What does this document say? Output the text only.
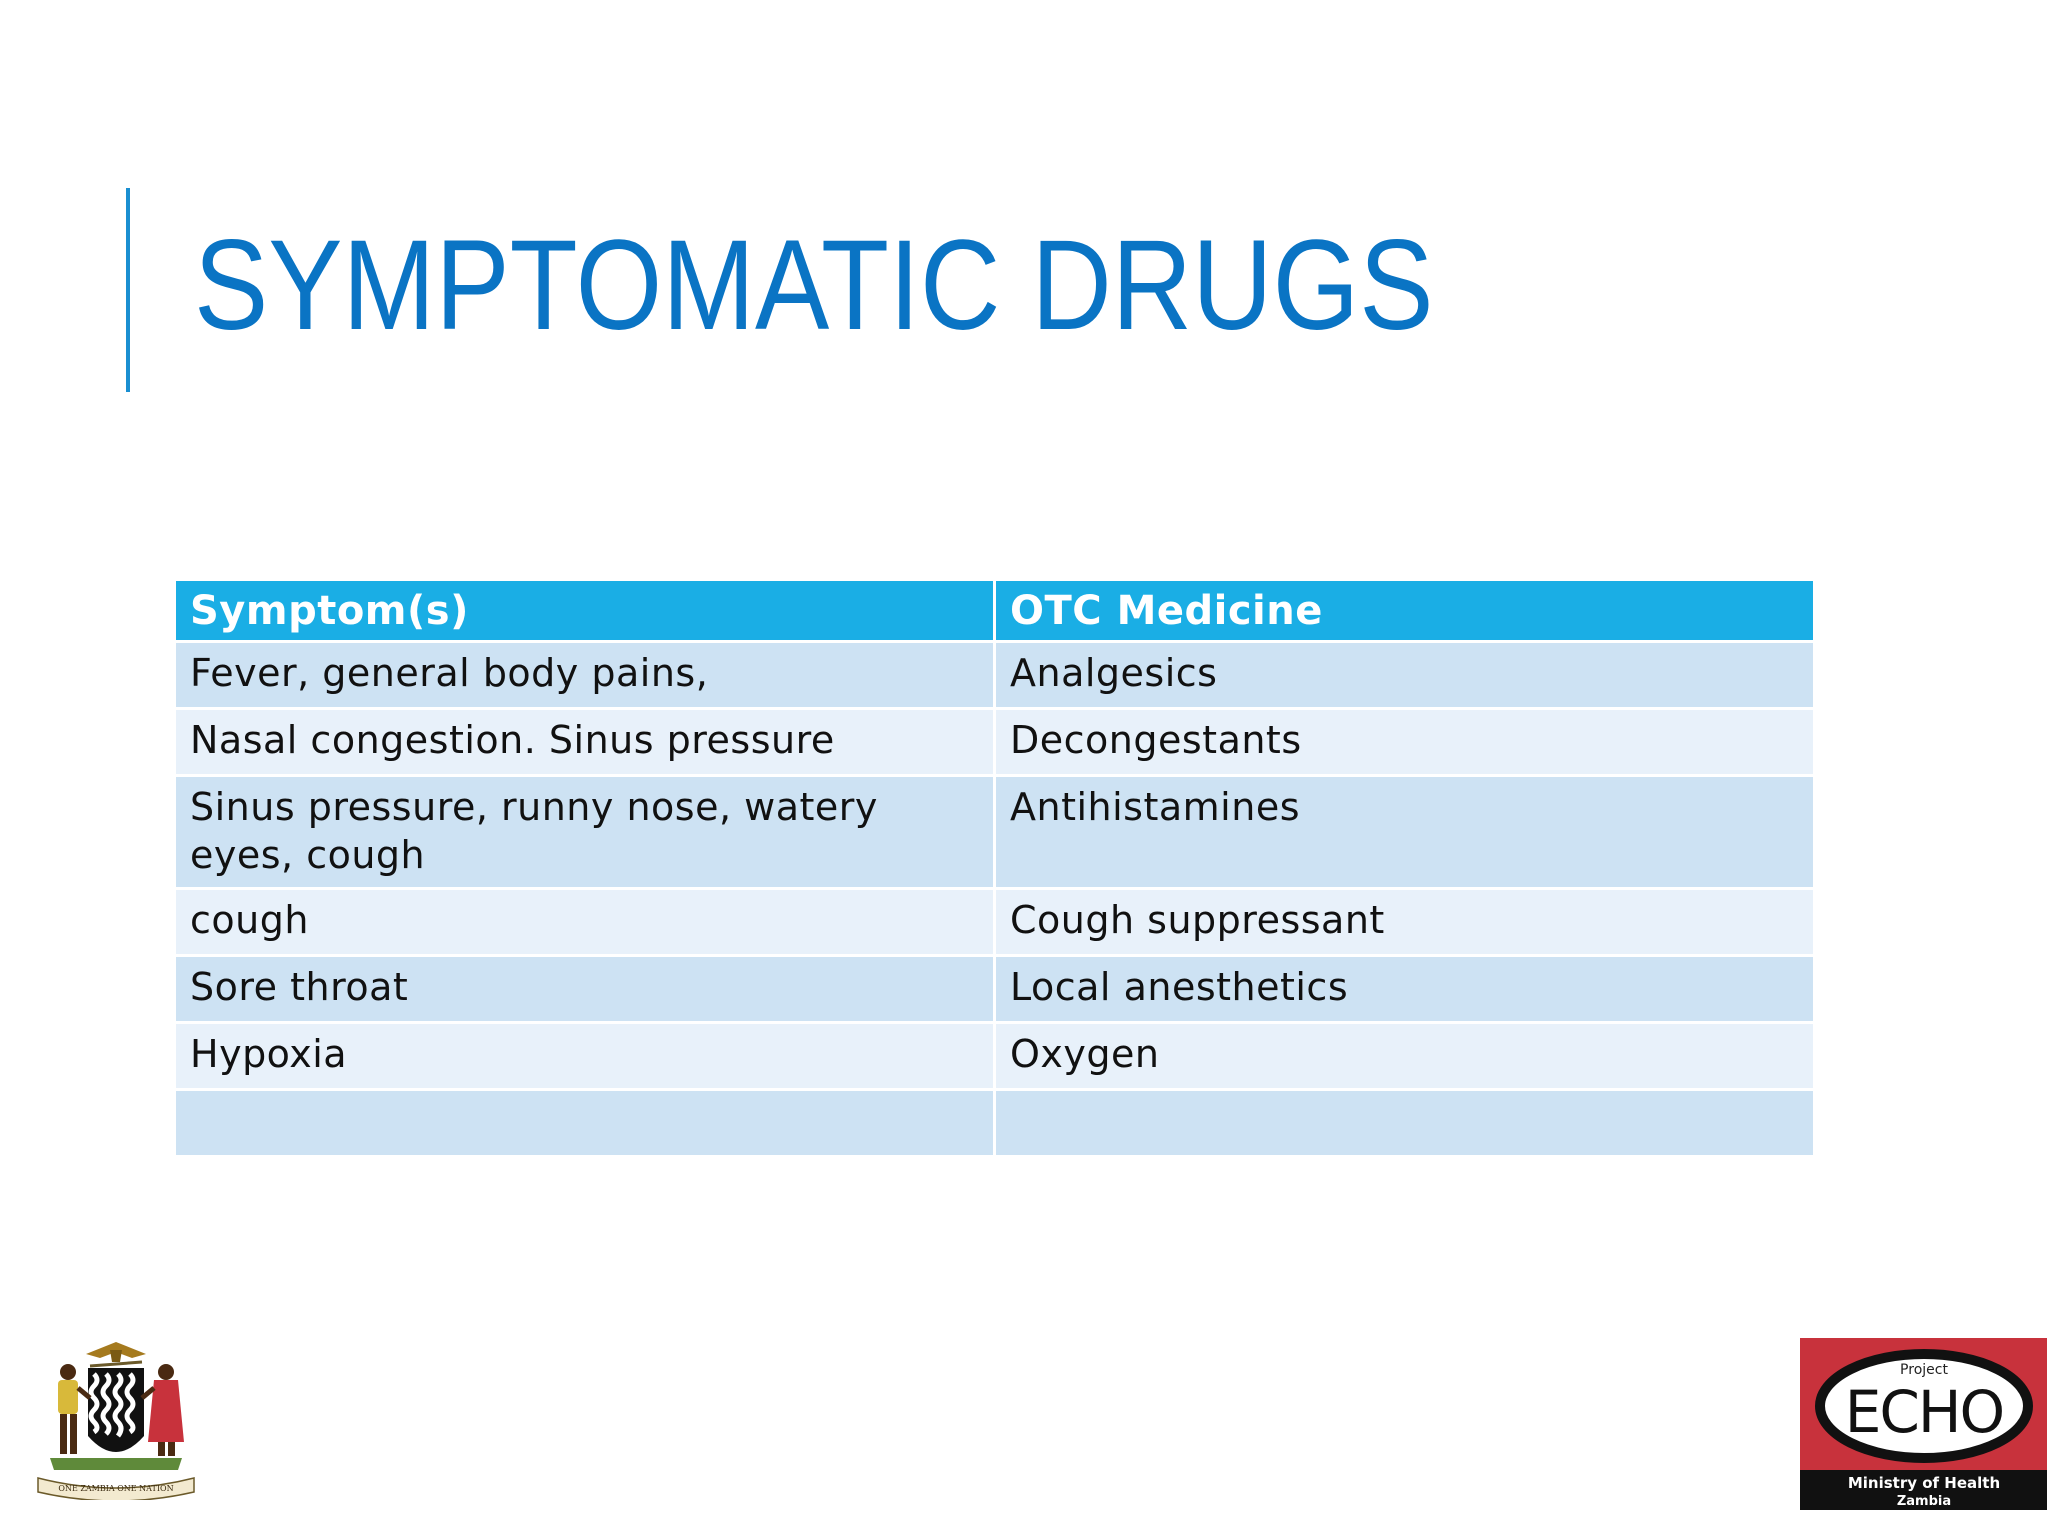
SYMPTOMATIC DRUGS
Symptom(s)	OTC Medicine
Fever, general body pains,	Analgesics
Nasal congestion. Sinus pressure	Decongestants
Sinus pressure, runny nose, watery eyes, cough	Antihistamines
cough	Cough suppressant
Sore throat	Local anesthetics
Hypoxia	Oxygen

ONE ZAMBIA ONE NATION
Project
ECHO
Ministry of Health
Zambia
